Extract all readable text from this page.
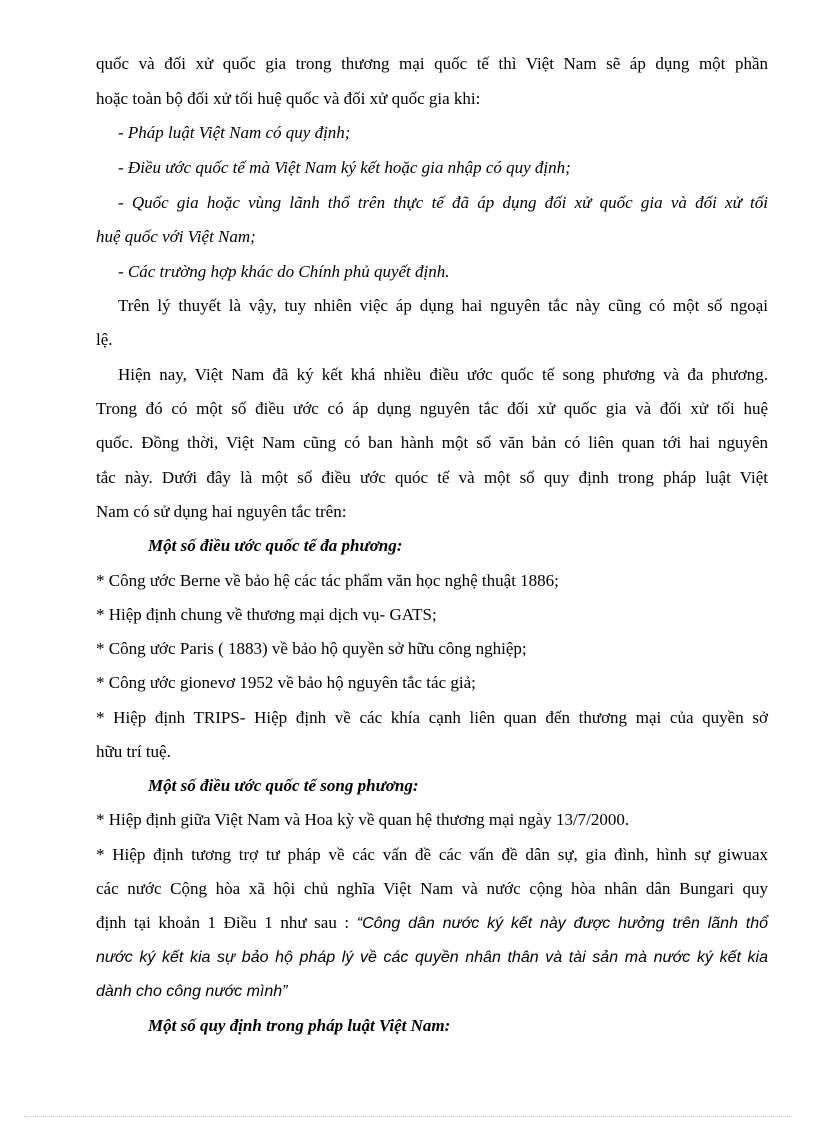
quốc và đối xử quốc gia trong thương mại quốc tế thì Việt Nam sẽ áp dụng một phần
hoặc toàn bộ đối xử tối huệ quốc và đối xử quốc gia khi:
- Pháp luật Việt Nam có quy định;
- Điều ước quốc tế mà Việt Nam ký kết hoặc gia nhập có quy định;
- Quốc gia hoặc vùng lãnh thổ trên thực tế đã áp dụng đối xử quốc gia và đối xử tối
huệ quốc với Việt Nam;
- Các trường hợp khác do Chính phủ quyết định.
Trên lý thuyết là vậy, tuy nhiên việc áp dụng hai nguyên tắc này cũng có một số ngoại
lệ.
Hiện nay, Việt Nam đã ký kết khá nhiều điều ước quốc tế song phương và đa phương.
Trong đó có một số điều ước có áp dụng nguyên tắc đối xử quốc gia và đối xử tối huệ
quốc. Đồng thời, Việt Nam cũng có ban hành một số văn bản có liên quan tới hai nguyên
tắc này. Dưới đây là một số điều ước quóc tế và một số quy định trong pháp luật Việt
Nam có sử dụng hai nguyên tắc trên:
Một số điều ước quốc tế đa phương:
* Công ước Berne về bảo hệ các tác phẩm văn học nghệ thuật 1886;
* Hiệp định chung về thương mại dịch vụ- GATS;
* Công ước Paris ( 1883) về bảo hộ quyền sở hữu công nghiệp;
* Công ước gionevơ 1952 về bảo hộ nguyên tắc tác giả;
* Hiệp định TRIPS- Hiệp định về các khía cạnh liên quan đến thương mại của quyền sở
hữu trí tuệ.
Một số điều ước quốc tế song phương:
* Hiệp định giữa Việt Nam và Hoa kỳ về quan hệ thương mại ngày 13/7/2000.
* Hiệp định tương trợ tư pháp về các vấn đề các vấn đề dân sự, gia đình, hình sự giwuax
các nước Cộng hòa xã hội chủ nghĩa Việt Nam và nước cộng hòa nhân dân Bungari quy
định tại khoản 1 Điều 1 như sau : “Công dân nước ký kết này được hưởng trên lãnh thổ
nước ký kết kia sự bảo hộ pháp lý về các quyền nhân thân và tài sản mà nước ký kết kia
dành cho công nước mình”
Một số quy định trong pháp luật Việt Nam:
